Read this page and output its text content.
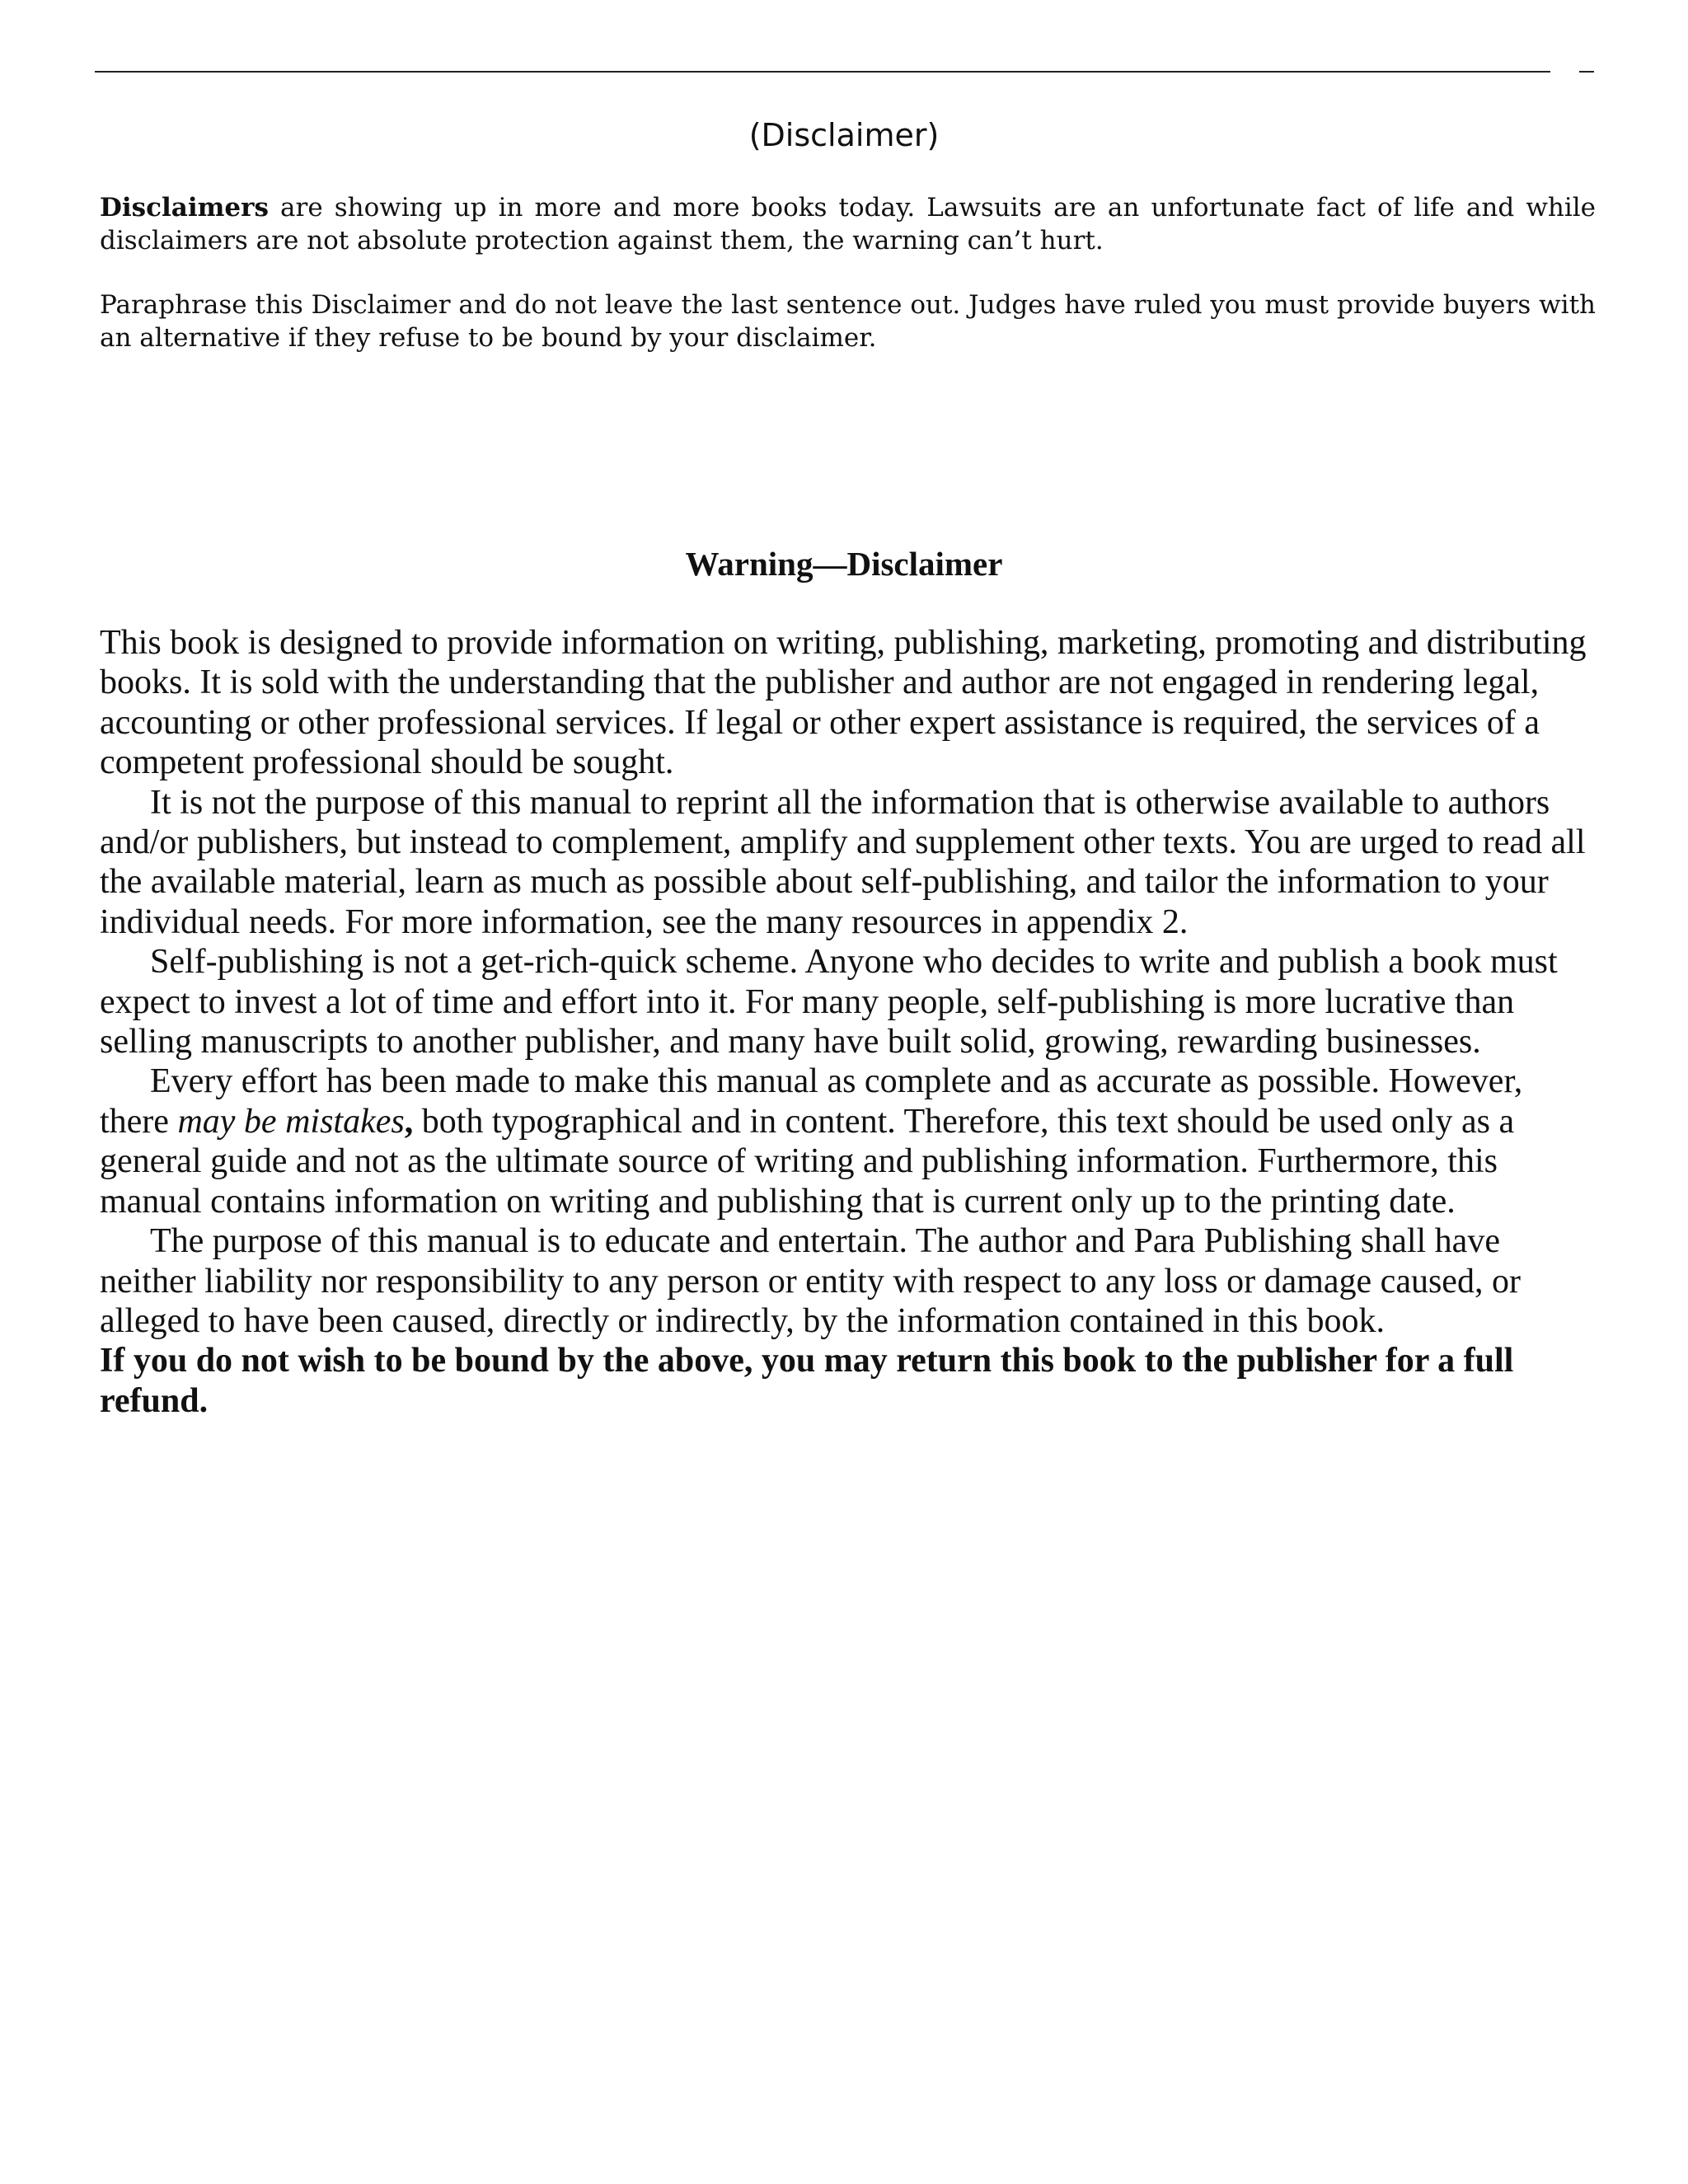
(Disclaimer)

Disclaimers are showing up in more and more books today. Lawsuits are an unfortunate fact of life and while disclaimers are not absolute protection against them, the warning can’t hurt.

Paraphrase this Disclaimer and do not leave the last sentence out. Judges have ruled you must provide buyers with an alternative if they refuse to be bound by your disclaimer.

Warning—Disclaimer

This book is designed to provide information on writing, publishing, marketing, promoting and distributing books. It is sold with the understanding that the publisher and author are not engaged in rendering legal, accounting or other professional services. If legal or other expert assistance is required, the services of a competent professional should be sought.

It is not the purpose of this manual to reprint all the information that is otherwise available to authors and/or publishers, but instead to complement, amplify and supplement other texts. You are urged to read all the available material, learn as much as possible about self-publishing, and tailor the information to your individual needs. For more information, see the many resources in appendix 2.

Self-publishing is not a get-rich-quick scheme. Anyone who decides to write and publish a book must expect to invest a lot of time and effort into it. For many people, self-publishing is more lucrative than selling manuscripts to another publisher, and many have built solid, growing, rewarding businesses.

Every effort has been made to make this manual as complete and as accurate as possible. However, there may be mistakes, both typographical and in content. Therefore, this text should be used only as a general guide and not as the ultimate source of writing and publishing information. Furthermore, this manual contains information on writing and publishing that is current only up to the printing date.

The purpose of this manual is to educate and entertain. The author and Para Publishing shall have neither liability nor responsibility to any person or entity with respect to any loss or damage caused, or alleged to have been caused, directly or indirectly, by the information contained in this book.

If you do not wish to be bound by the above, you may return this book to the publisher for a full refund.
